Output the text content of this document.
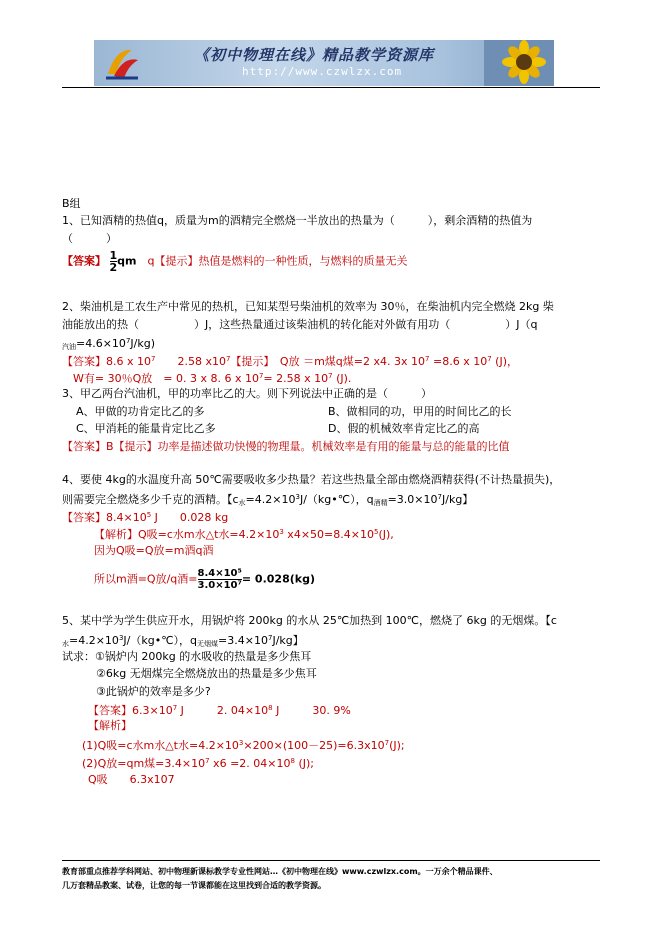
《初中物理在线》精品教学资源库
http://www.czwlzx.com
B组
1、已知酒精的热值q，质量为m的酒精完全燃烧一半放出的热量为（　　　），剩余酒精的热值为
（　　　）
【答案】 $\frac{1}{2}$ qm　q【提示】热值是燃料的一种性质，与燃料的质量无关
2、柴油机是工农生产中常见的热机，已知某型号柴油机的效率为 30％，在柴油机内完全燃烧 2kg 柴
油能放出的热（　　　　　）J，这些热量通过该柴油机的转化能对外做有用功（　　　　　）J（q
$_{汽油}=4.6\times 10^7J/kg$)
【答案】8.6 x $10^7$　　2.58 $x10^7$【提示】　Q放 ＝m煤q煤=2 x4. 3x $10^7 =8.6$ x $10^7$ (J)，
　W有= 30％Q放　= 0. 3 x 8. 6 x $10^7= 2.58$ x $10^7$ (J).
3、甲乙两台汽油机，甲的功率比乙的大。则下列说法中正确的是（　　　）
A、甲做的功肯定比乙的多	B、做相同的功，甲用的时间比乙的长
C、甲消耗的能量肯定比乙多	D、假的机械效率肯定比乙的高
【答案】B【提示】功率是描述做功快慢的物理量。机械效率是有用的能量与总的能量的比值
4、要使 4kg的水温度升高 50℃需要吸收多少热量？若这些热量全部由燃烧酒精获得(不计热量损失)，
则需要完全燃烧多少千克的酒精。【$c_水=4.2\times 10^3J/(kg•℃)$，$q_{酒精}=3.0\times 10^7J/kg$】
【答案】$8.4\times 10^5$ J　　0.028 kg
【解析】Q吸=c水m水△t水$=4.2\times 10^3$ $x4\times 50=8.4\times 10^5(J)$,
因为Q吸=Q放=m酒q酒
所以m酒=Q放/q酒= $\frac{\text{8.4×10⁵}}{\text{3.0×10⁷}} = 0.028(kg)$
5、某中学为学生供应开水，用锅炉将 200kg 的水从 25℃加热到 100℃，燃烧了 6kg 的无烟煤。【c
$_水=4.2\times 10^3J/(kg•℃)$，$q_{无烟煤}=3.4\times 10^7J/kg$】
试求：①锅炉内 200kg 的水吸收的热量是多少焦耳
②6kg 无烟煤完全燃烧放出的热量是多少焦耳
③此锅炉的效率是多少?
【答案】$6.3\times 10^7$ J　　　2. $04\times 10^8$ J　　　30. 9%
【解析】
(1)Q吸=c水m水△t水$=4.2\times 10^3\times 200\times(100-25)=6.3x10^7(J)$;
(2)Q放=qm煤$=3.4\times 10^7$ x6 =2. $04\times 10^8$ (J);
Q吸　　6.3x107
教育部重点推荐学科网站、初中物理新课标教学专业性网站…《初中物理在线》www.czwlzx.com。一万余个精品课件、
几万套精品教案、试卷，让您的每一节课都能在这里找到合适的教学资源。
